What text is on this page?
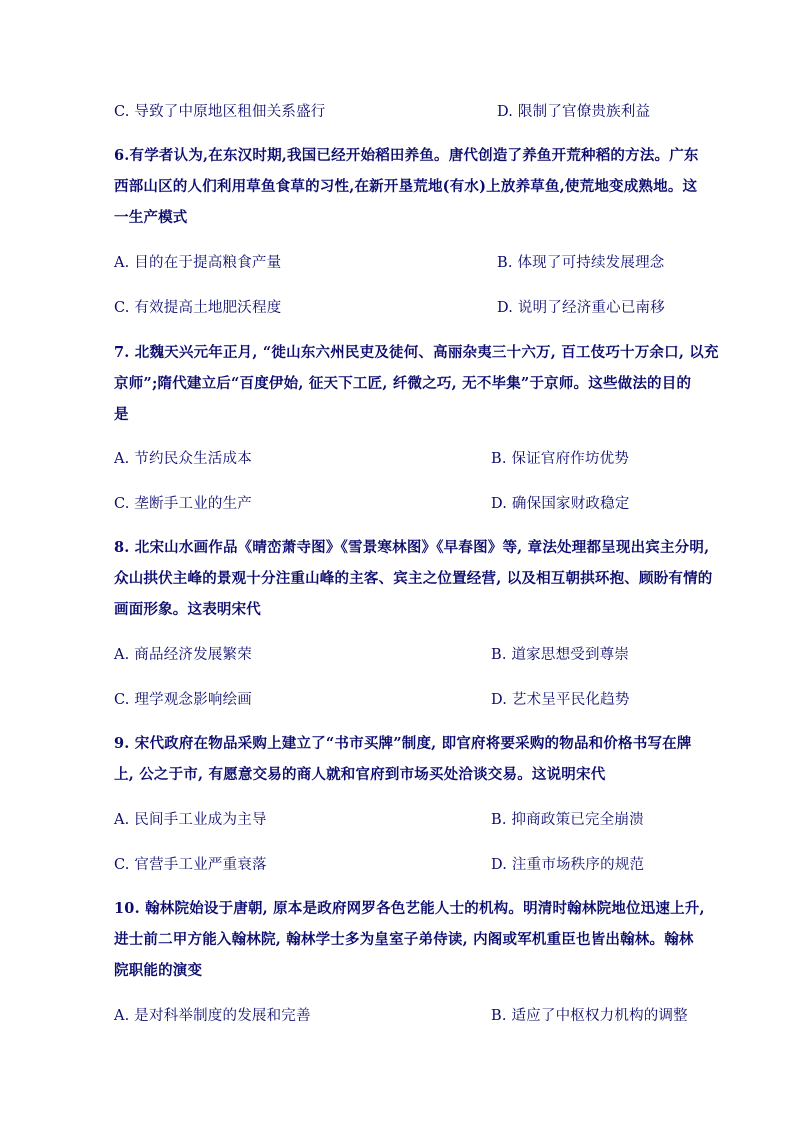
C. 导致了中原地区租佃关系盛行	D. 限制了官僚贵族利益
6.有学者认为,在东汉时期,我国已经开始稻田养鱼。唐代创造了养鱼开荒种稻的方法。广东
西部山区的人们利用草鱼食草的习性,在新开垦荒地(有水)上放养草鱼,使荒地变成熟地。这
一生产模式
A. 目的在于提高粮食产量	B. 体现了可持续发展理念
C. 有效提高土地肥沃程度	D. 说明了经济重心已南移
7. 北魏天兴元年正月, “徙山东六州民吏及徒何、高丽杂夷三十六万, 百工伎巧十万余口, 以充
京师”;隋代建立后“百度伊始, 征天下工匠, 纤微之巧, 无不毕集”于京师。这些做法的目的
是
A. 节约民众生活成本	B. 保证官府作坊优势
C. 垄断手工业的生产	D. 确保国家财政稳定
8. 北宋山水画作品《晴峦萧寺图》《雪景寒林图》《早春图》等, 章法处理都呈现出宾主分明,
众山拱伏主峰的景观十分注重山峰的主客、宾主之位置经营, 以及相互朝拱环抱、顾盼有情的
画面形象。这表明宋代
A. 商品经济发展繁荣	B. 道家思想受到尊崇
C. 理学观念影响绘画	D. 艺术呈平民化趋势
9. 宋代政府在物品采购上建立了“书市买牌”制度, 即官府将要采购的物品和价格书写在牌
上, 公之于市, 有愿意交易的商人就和官府到市场买处洽谈交易。这说明宋代
A. 民间手工业成为主导	B. 抑商政策已完全崩溃
C. 官营手工业严重衰落	D. 注重市场秩序的规范
10. 翰林院始设于唐朝, 原本是政府网罗各色艺能人士的机构。明清时翰林院地位迅速上升,
进士前二甲方能入翰林院, 翰林学士多为皇室子弟侍读, 内阁或军机重臣也皆出翰林。翰林
院职能的演变
A. 是对科举制度的发展和完善	B. 适应了中枢权力机构的调整
